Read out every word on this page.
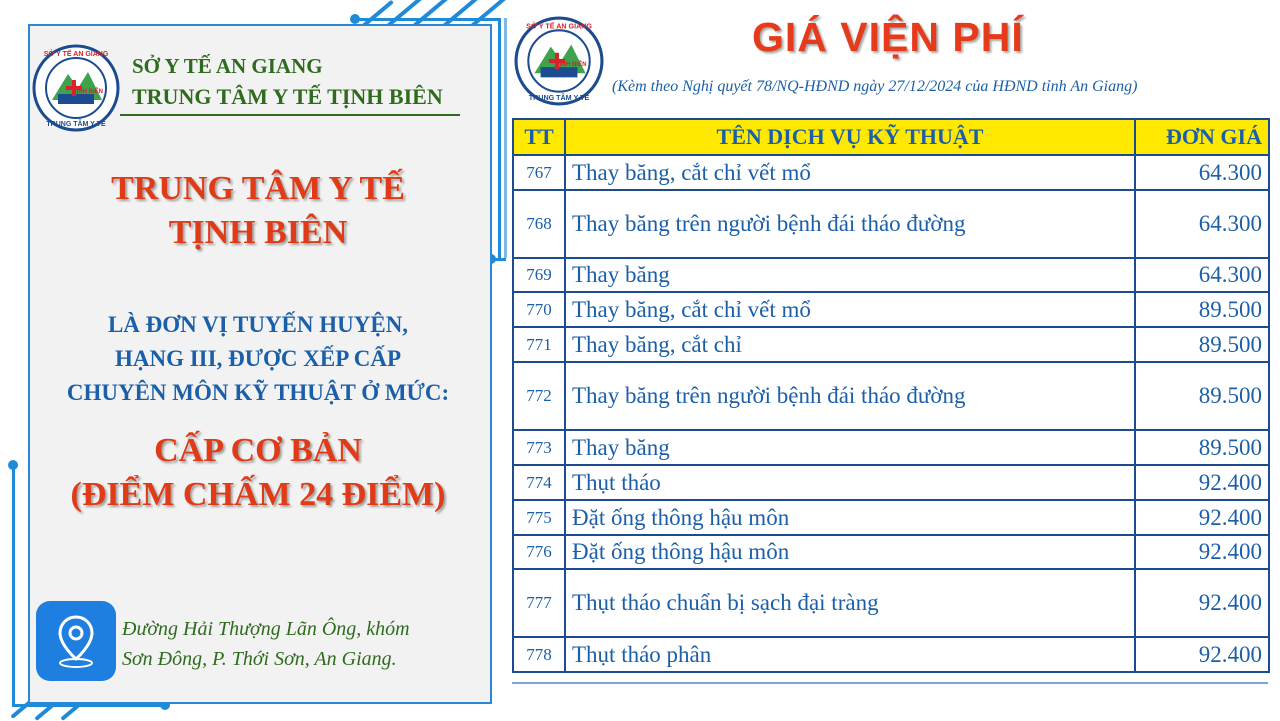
SỞ Y TẾ AN GIANG
TỊNH BIÊN
TRUNG TÂM Y TẾ
SỞ Y TẾ AN GIANG
TRUNG TÂM Y TẾ TỊNH BIÊN
TRUNG TÂM Y TẾ
TỊNH BIÊN
LÀ ĐƠN VỊ TUYẾN HUYỆN,
HẠNG III, ĐƯỢC XẾP CẤP
CHUYÊN MÔN KỸ THUẬT Ở MỨC:
CẤP CƠ BẢN
(ĐIỂM CHẤM 24 ĐIỂM)
Đường Hải Thượng Lãn Ông, khóm
Sơn Đông, P. Thới Sơn, An Giang.
SỞ Y TẾ AN GIANG
TỊNH BIÊN
TRUNG TÂM Y TẾ
GIÁ VIỆN PHÍ
(Kèm theo Nghị quyết 78/NQ-HĐND ngày 27/12/2024 của HĐND tỉnh An Giang)
TT	TÊN DỊCH VỤ KỸ THUẬT	ĐƠN GIÁ
767	Thay băng, cắt chỉ vết mổ	64.300
768	Thay băng trên người bệnh đái tháo đường	64.300
769	Thay băng	64.300
770	Thay băng, cắt chỉ vết mổ	89.500
771	Thay băng, cắt chỉ	89.500
772	Thay băng trên người bệnh đái tháo đường	89.500
773	Thay băng	89.500
774	Thụt tháo	92.400
775	Đặt ống thông hậu môn	92.400
776	Đặt ống thông hậu môn	92.400
777	Thụt tháo chuẩn bị sạch đại tràng	92.400
778	Thụt tháo phân	92.400
